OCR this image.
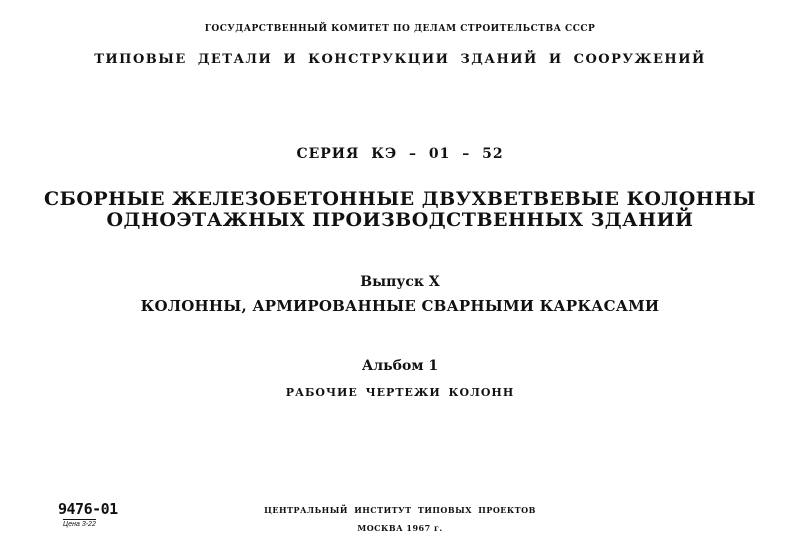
ГОСУДАРСТВЕННЫЙ КОМИТЕТ ПО ДЕЛАМ СТРОИТЕЛЬСТВА СССР
ТИПОВЫЕ ДЕТАЛИ И КОНСТРУКЦИИ ЗДАНИЙ И СООРУЖЕНИЙ
СЕРИЯ КЭ – 01 – 52
СБОРНЫЕ ЖЕЛЕЗОБЕТОННЫЕ ДВУХВЕТВЕВЫЕ КОЛОННЫ
ОДНОЭТАЖНЫХ ПРОИЗВОДСТВЕННЫХ ЗДАНИЙ
Выпуск X
КОЛОННЫ, АРМИРОВАННЫЕ СВАРНЫМИ КАРКАСАМИ
Альбом 1
РАБОЧИЕ ЧЕРТЕЖИ КОЛОНН
9476-01
Цена 3-22
ЦЕНТРАЛЬНЫЙ ИНСТИТУТ ТИПОВЫХ ПРОЕКТОВ
МОСКВА 1967 г.
